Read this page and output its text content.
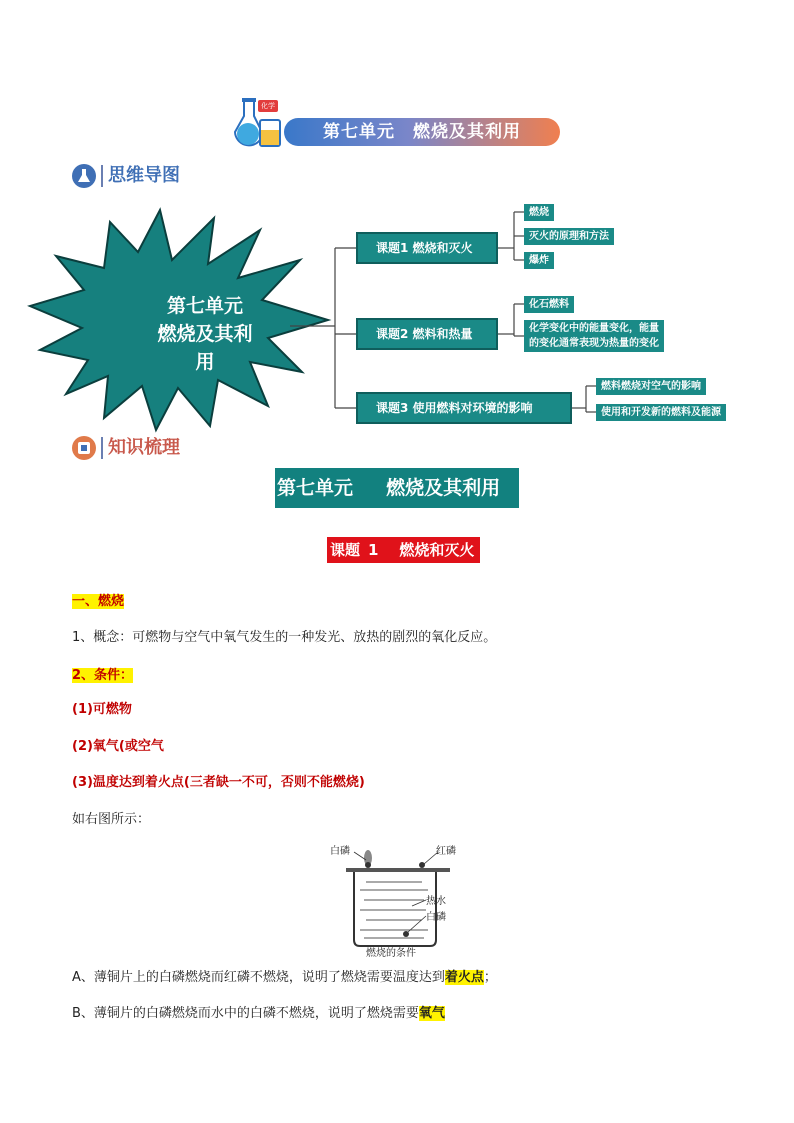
化学
第七单元　燃烧及其利用
思维导图
第七单元
燃烧及其利用
课题1 燃烧和灭火
课题2 燃料和热量
课题3 使用燃料对环境的影响
燃烧
灭火的原理和方法
爆炸
化石燃料
化学变化中的能量变化，能量
的变化通常表现为热量的变化
燃料燃烧对空气的影响
使用和开发新的燃料及能源
知识梳理
第七单元     燃烧及其利用
课题 1    燃烧和灭火
一、燃烧
1、概念：可燃物与空气中氧气发生的一种发光、放热的剧烈的氧化反应。
2、条件：
(1)可燃物
(2)氧气(或空气
(3)温度达到着火点(三者缺一不可，否则不能燃烧)
如右图所示：
白磷	红磷
热水
白磷
燃烧的条件
A、薄铜片上的白磷燃烧而红磷不燃烧，说明了燃烧需要温度达到着火点；
B、薄铜片的白磷燃烧而水中的白磷不燃烧，说明了燃烧需要氧气
